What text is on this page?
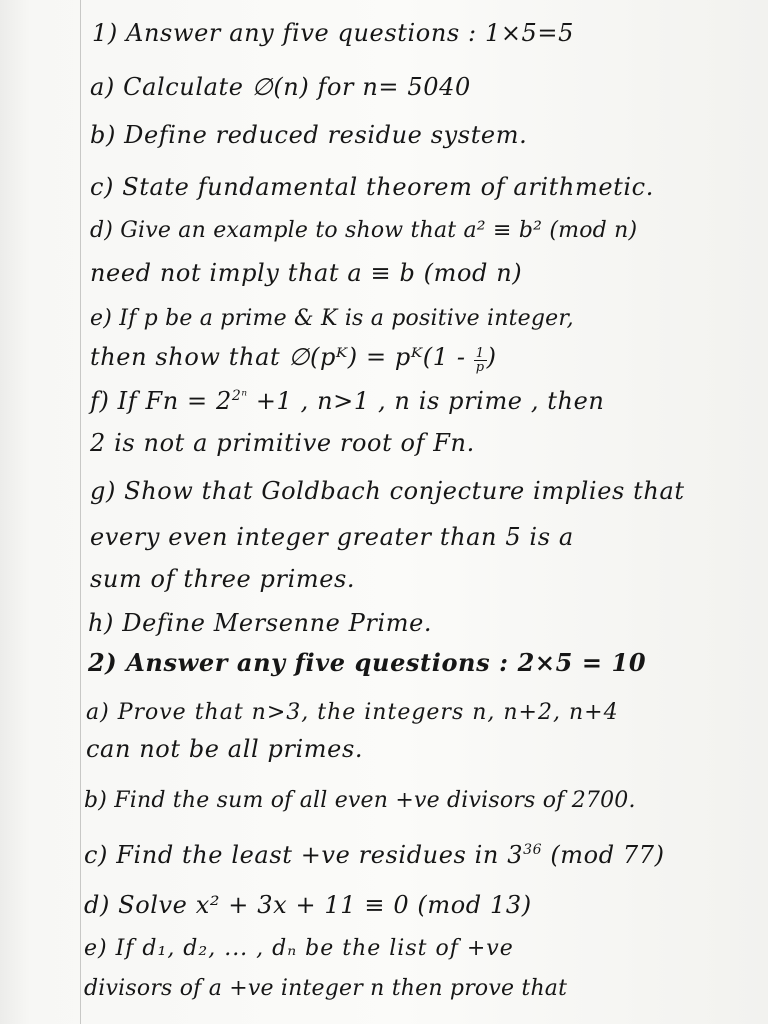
1) Answer any five questions : 1×5=5
a) Calculate ∅(n) for n= 5040
b) Define reduced residue system.
c) State fundamental theorem of arithmetic.
d) Give an example to show that a² ≡ b² (mod n)
need not imply that a ≡ b (mod n)
e) If p be a prime & K is a positive integer,
then show that ∅(pᴷ) = pᴷ(1 - $\frac{1}{p}$ )
f) If $Fn = 2^{2^n} +1$ , n>1 , n is prime , then
2 is not a primitive root of Fn.
g) Show that Goldbach conjecture implies that
every even integer greater than 5 is a
sum of three primes.
h) Define Mersenne Prime.
2) Answer any five questions : 2×5 = 10
a) Prove that n>3, the integers n, n+2, n+4
can not be all primes.
b) Find the sum of all even +ve divisors of 2700.
c) Find the least +ve residues in $3^{36}$ (mod 77)
d) Solve x² + 3x + 11 ≡ 0 (mod 13)
e) If d₁, d₂, ... , dₙ be the list of +ve
divisors of a +ve integer n then prove that
